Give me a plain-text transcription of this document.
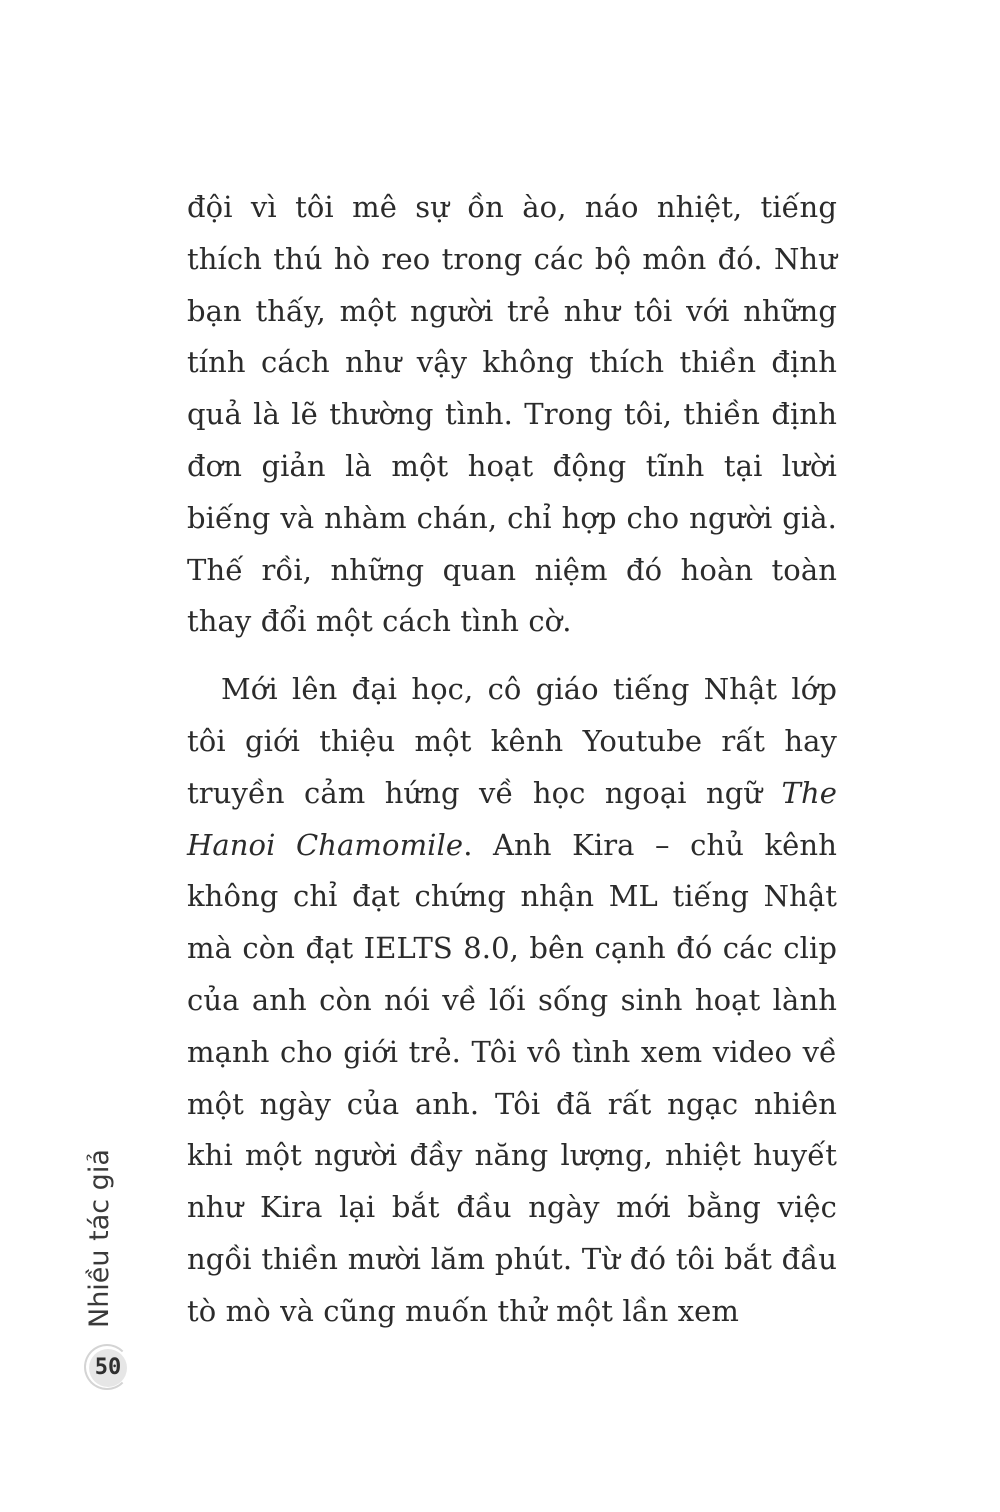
đội vì tôi mê sự ồn ào, náo nhiệt, tiếng thích thú hò reo trong các bộ môn đó. Như bạn thấy, một người trẻ như tôi với những tính cách như vậy không thích thiền định quả là lẽ thường tình. Trong tôi, thiền định đơn giản là một hoạt động tĩnh tại lười biếng và nhàm chán, chỉ hợp cho người già. Thế rồi, những quan niệm đó hoàn toàn thay đổi một cách tình cờ.

Mới lên đại học, cô giáo tiếng Nhật lớp tôi giới thiệu một kênh Youtube rất hay truyền cảm hứng về học ngoại ngữ The Hanoi Chamomile. Anh Kira – chủ kênh không chỉ đạt chứng nhận ML tiếng Nhật mà còn đạt IELTS 8.0, bên cạnh đó các clip của anh còn nói về lối sống sinh hoạt lành mạnh cho giới trẻ. Tôi vô tình xem video về một ngày của anh. Tôi đã rất ngạc nhiên khi một người đầy năng lượng, nhiệt huyết như Kira lại bắt đầu ngày mới bằng việc ngồi thiền mười lăm phút. Từ đó tôi bắt đầu tò mò và cũng muốn thử một lần xem

Nhiều tác giả
50
